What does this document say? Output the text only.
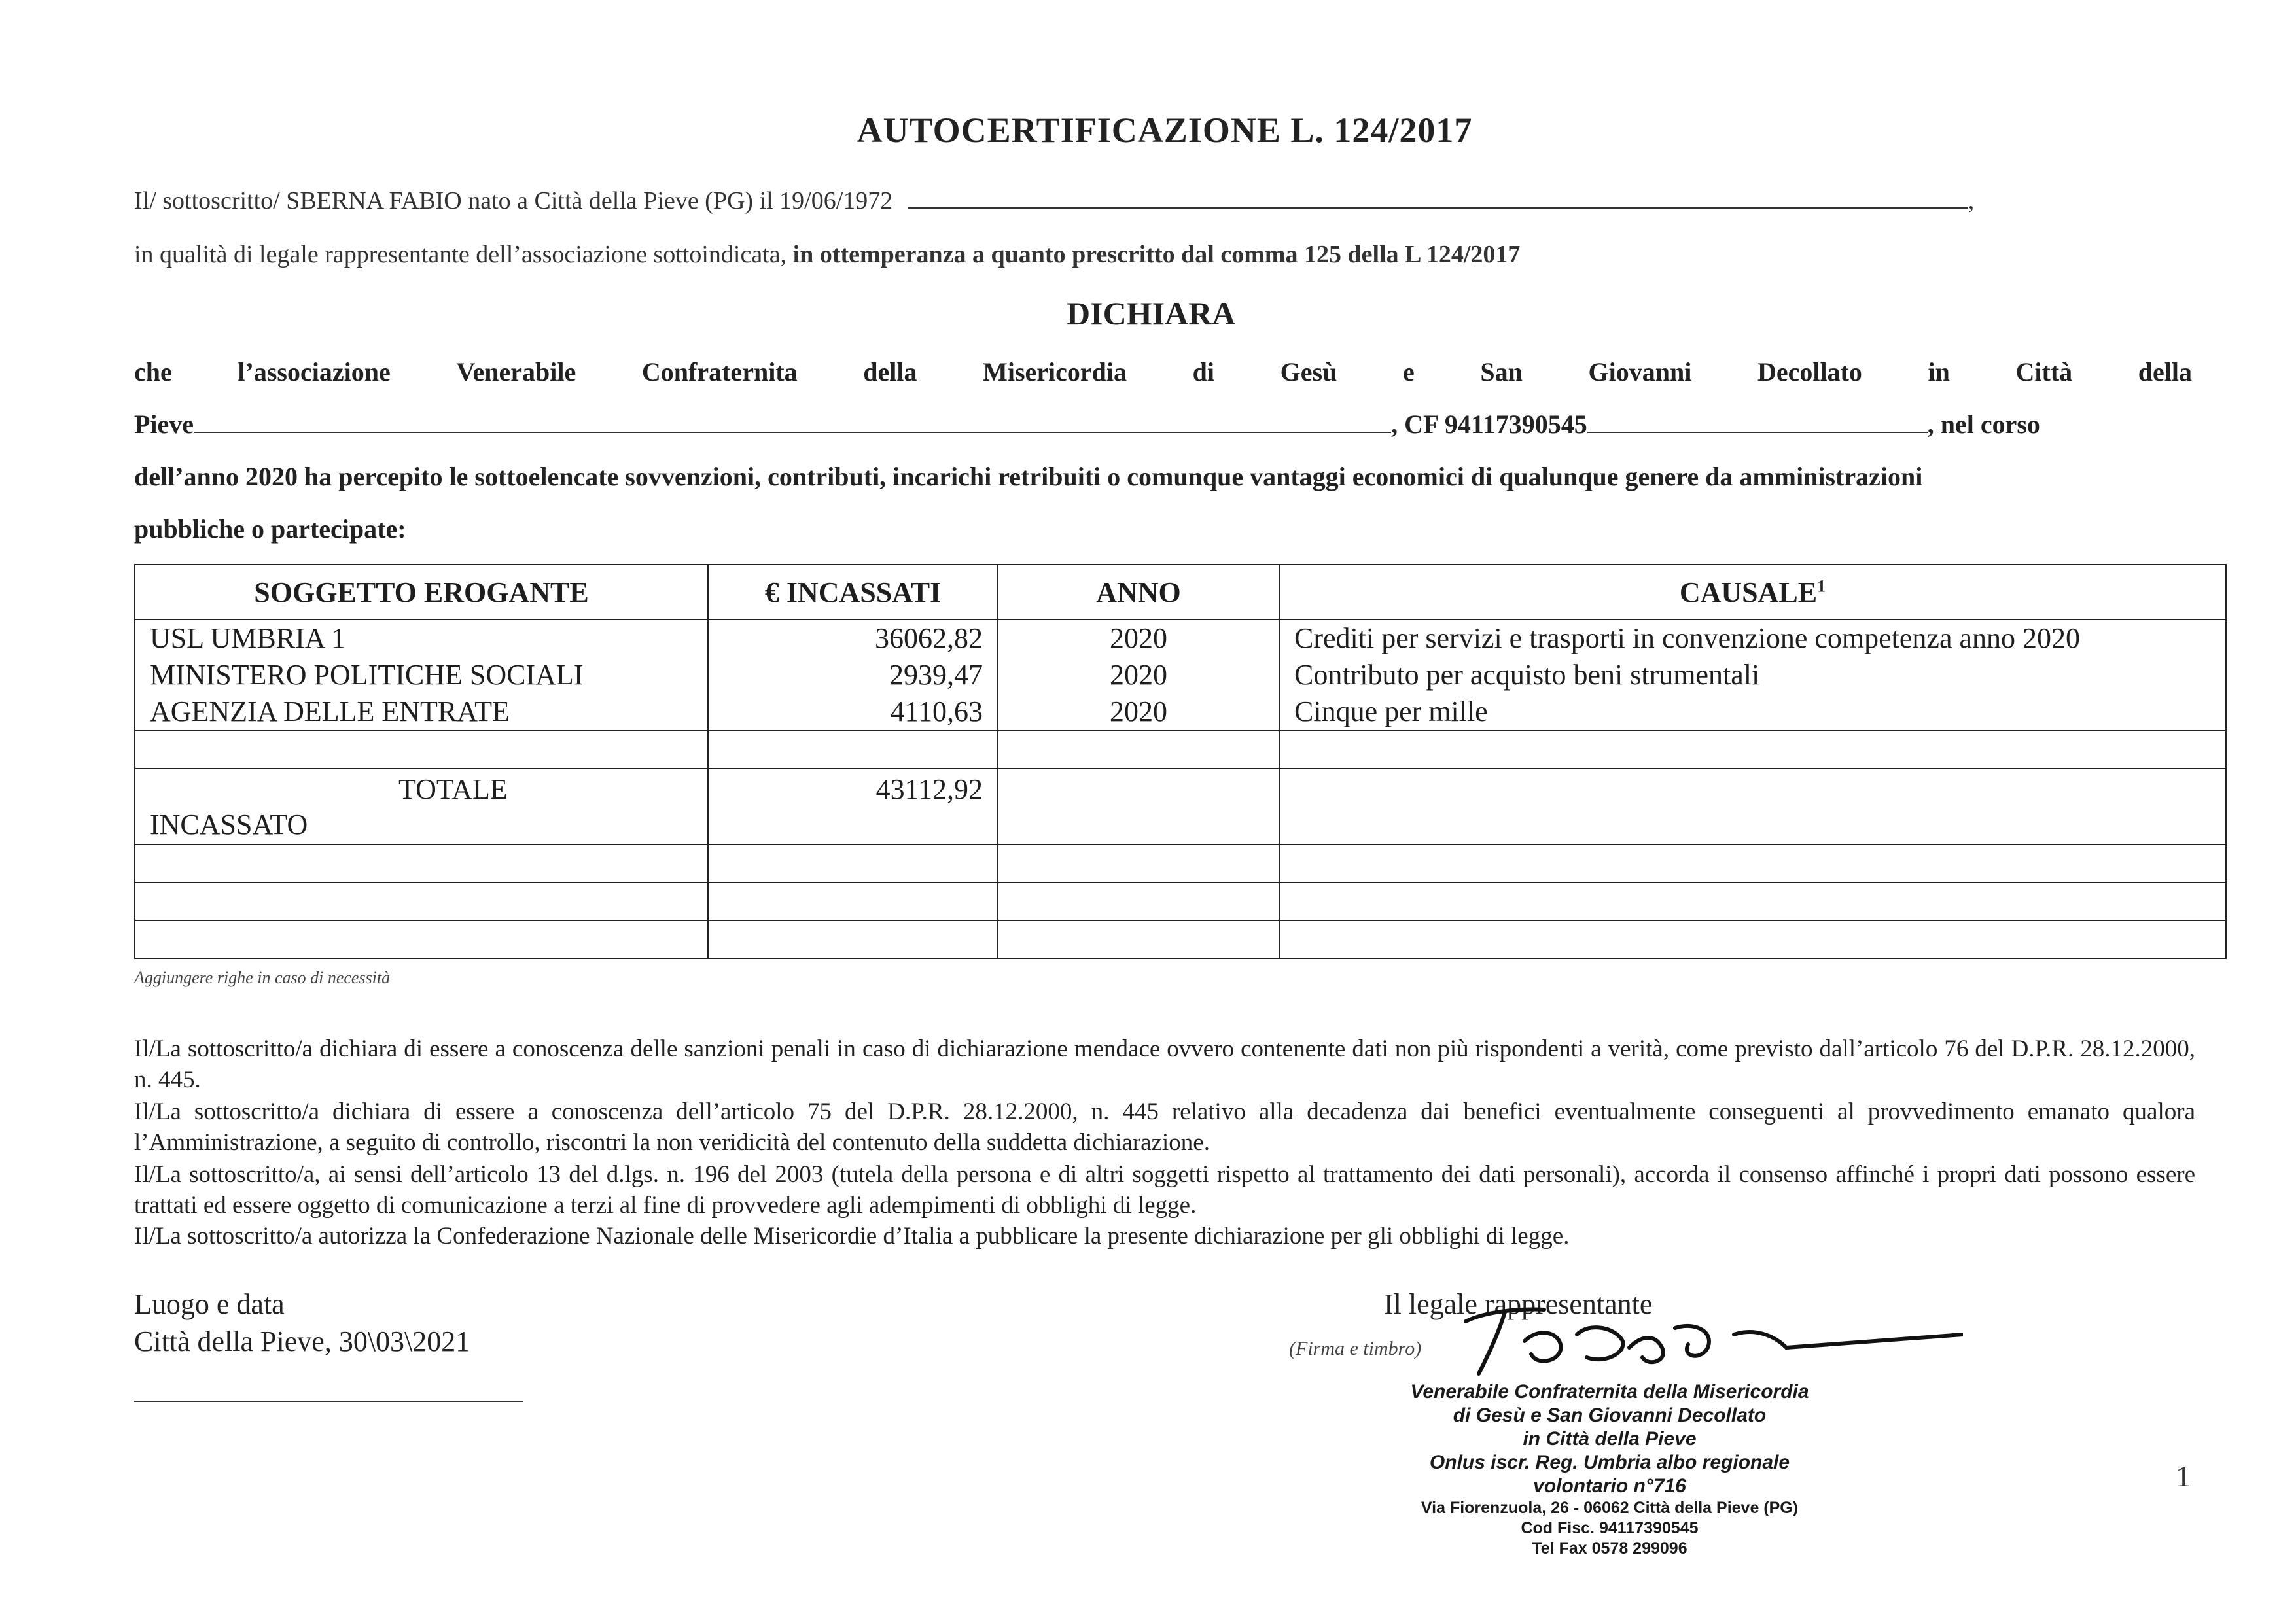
AUTOCERTIFICAZIONE L. 124/2017
Il/ sottoscritto/ SBERNA FABIO nato a Città della Pieve (PG) il 19/06/1972	,
in qualità di legale rappresentante dell’associazione sottoindicata, in ottemperanza a quanto prescritto dal comma 125 della L 124/2017
DICHIARA
che	l’associazione	Venerabile	Confraternita	della	Misericordia	di	Gesù	e	San	Giovanni	Decollato	in	Città	della
Pieve	, CF 94117390545	, nel corso
dell’anno 2020 ha percepito le sottoelencate sovvenzioni, contributi, incarichi retribuiti o comunque vantaggi economici di qualunque genere da amministrazioni
pubbliche o partecipate:
SOGGETTO EROGANTE	€ INCASSATI	ANNO	CAUSALE$^1$
USL UMBRIA 1	36062,82	2020	Crediti per servizi e trasporti in convenzione competenza anno 2020
MINISTERO POLITICHE SOCIALI	2939,47	2020	Contributo per acquisto beni strumentali
AGENZIA DELLE ENTRATE	4110,63	2020	Cinque per mille

TOTALE
INCASSATO	43112,92		

Aggiungere righe in caso di necessità
Il/La sottoscritto/a dichiara di essere a conoscenza delle sanzioni penali in caso di dichiarazione mendace ovvero contenente dati non più rispondenti a verità, come previsto dall’articolo 76 del D.P.R. 28.12.2000, n. 445.
Il/La sottoscritto/a dichiara di essere a conoscenza dell’articolo 75 del D.P.R. 28.12.2000, n. 445 relativo alla decadenza dai benefici eventualmente conseguenti al provvedimento emanato qualora l’Amministrazione, a seguito di controllo, riscontri la non veridicità del contenuto della suddetta dichiarazione.
Il/La sottoscritto/a, ai sensi dell’articolo 13 del d.lgs. n. 196 del 2003 (tutela della persona e di altri soggetti rispetto al trattamento dei dati personali), accorda il consenso affinché i propri dati possono essere trattati ed essere oggetto di comunicazione a terzi al fine di provvedere agli adempimenti di obblighi di legge.
Il/La sottoscritto/a autorizza la Confederazione Nazionale delle Misericordie d’Italia a pubblicare la presente dichiarazione per gli obblighi di legge.
Luogo e data
Città della Pieve, 30\03\2021
Il legale rappresentante
(Firma e timbro)
Venerabile Confraternita della Misericordia
di Gesù e San Giovanni Decollato
in Città della Pieve
Onlus iscr. Reg. Umbria albo regionale
volontario n°716
Via Fiorenzuola, 26 - 06062 Città della Pieve (PG)
Cod Fisc. 94117390545
Tel Fax 0578 299096
1
